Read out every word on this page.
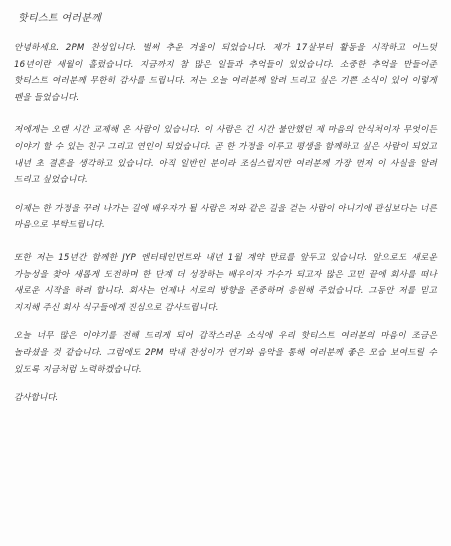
핫티스트 여러분께

안녕하세요. 2PM 찬성입니다. 벌써 추운 겨울이 되었습니다. 제가 17살부터 활동을 시작하고 어느덧 16년이란 세월이 흘렀습니다. 지금까지 참 많은 일들과 추억들이 있었습니다. 소중한 추억을 만들어준 핫티스트 여러분께 무한히 감사를 드립니다. 저는 오늘 여러분께 알려 드리고 싶은 기쁜 소식이 있어 이렇게 펜을 들었습니다.

저에게는 오랜 시간 교제해 온 사람이 있습니다. 이 사람은 긴 시간 불안했던 제 마음의 안식처이자 무엇이든 이야기 할 수 있는 친구 그리고 연인이 되었습니다. 곧 한 가정을 이루고 평생을 함께하고 싶은 사람이 되었고 내년 초 결혼을 생각하고 있습니다. 아직 일반인 분이라 조심스럽지만 여러분께 가장 먼저 이 사실을 알려 드리고 싶었습니다.

이제는 한 가정을 꾸려 나가는 길에 배우자가 될 사람은 저와 같은 길을 걷는 사람이 아니기에 관심보다는 너른 마음으로 부탁드립니다.

또한 저는 15년간 함께한 JYP 엔터테인먼트와 내년 1월 계약 만료를 앞두고 있습니다. 앞으로도 새로운 가능성을 찾아 새롭게 도전하며 한 단계 더 성장하는 배우이자 가수가 되고자 많은 고민 끝에 회사를 떠나 새로운 시작을 하려 합니다. 회사는 언제나 서로의 방향을 존중하며 응원해 주었습니다. 그동안 저를 믿고 지지해 주신 회사 식구들에게 진심으로 감사드립니다.

오늘 너무 많은 이야기를 전해 드리게 되어 갑작스러운 소식에 우리 핫티스트 여러분의 마음이 조금은 놀라셨을 것 같습니다. 그럼에도 2PM 막내 찬성이가 연기와 음악을 통해 여러분께 좋은 모습 보여드릴 수 있도록 지금처럼 노력하겠습니다.

감사합니다.
